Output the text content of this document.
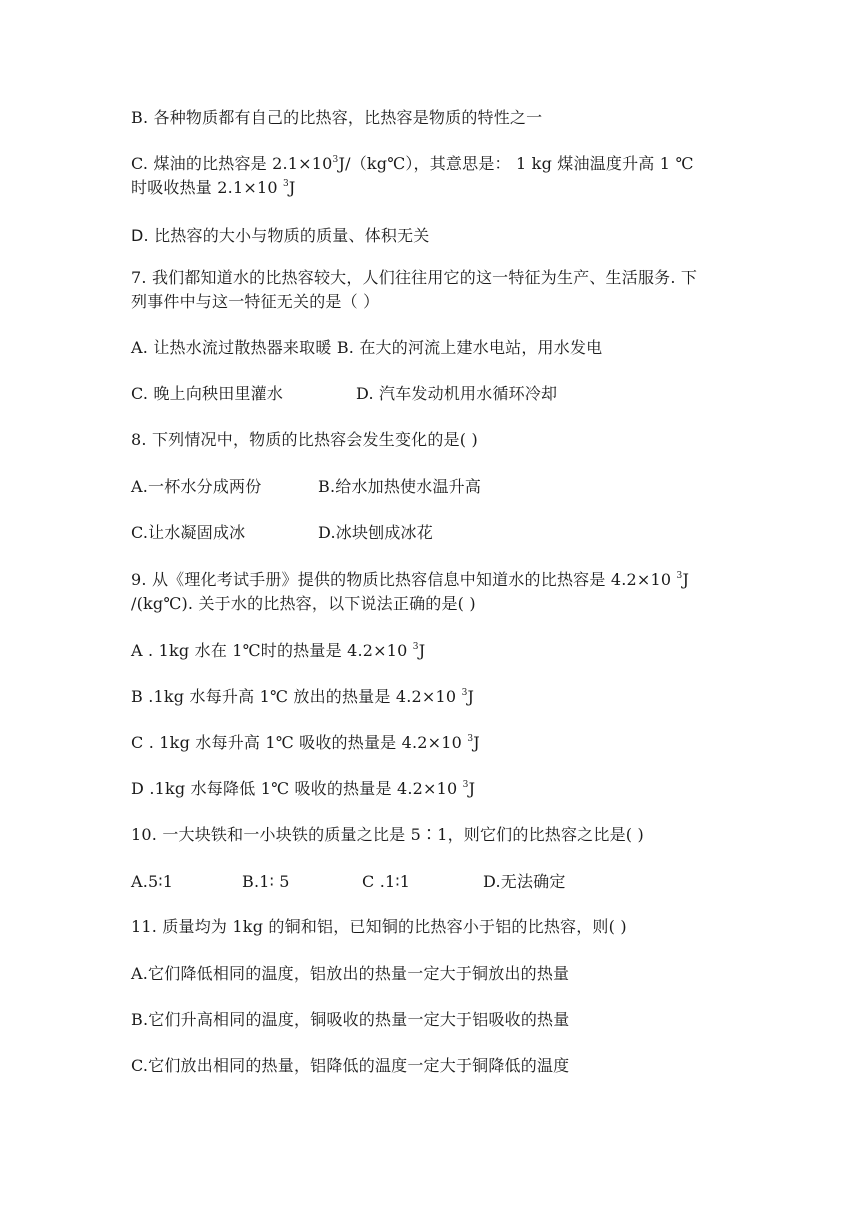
B. 各种物质都有自己的比热容，比热容是物质的特性之一
C. 煤油的比热容是 $2.1\times 10^3J/(kg℃)$，其意思是： 1 kg 煤油温度升高 1 ℃
时吸收热量 2.1×10 $^3$J
D. 比热容的大小与物质的质量、体积无关
7. 我们都知道水的比热容较大，人们往往用它的这一特征为生产、生活服务. 下
列事件中与这一特征无关的是（ ）
A. 让热水流过散热器来取暖 B. 在大的河流上建水电站，用水发电
C. 晚上向秧田里灌水	D. 汽车发动机用水循环冷却
8. 下列情况中，物质的比热容会发生变化的是( )
A.一杯水分成两份	B.给水加热使水温升高
C.让水凝固成冰	D.冰块刨成冰花
9. 从《理化考试手册》提供的物质比热容信息中知道水的比热容是 4.2×10 $^3$J
/(kg℃). 关于水的比热容，以下说法正确的是( )
A . 1kg 水在 1℃时的热量是 4.2×10 $^3$J
B .1kg 水每升高 1℃ 放出的热量是 4.2×10 $^3$J
C . 1kg 水每升高 1℃ 吸收的热量是 4.2×10 $^3$J
D .1kg 水每降低 1℃ 吸收的热量是 4.2×10 $^3$J
10. 一大块铁和一小块铁的质量之比是 5∶1，则它们的比热容之比是( )
A.5∶1	B.1∶ 5	C .1∶1	D.无法确定
11. 质量均为 1kg 的铜和铝，已知铜的比热容小于铝的比热容，则( )
A.它们降低相同的温度，铝放出的热量一定大于铜放出的热量
B.它们升高相同的温度，铜吸收的热量一定大于铝吸收的热量
C.它们放出相同的热量，铝降低的温度一定大于铜降低的温度
